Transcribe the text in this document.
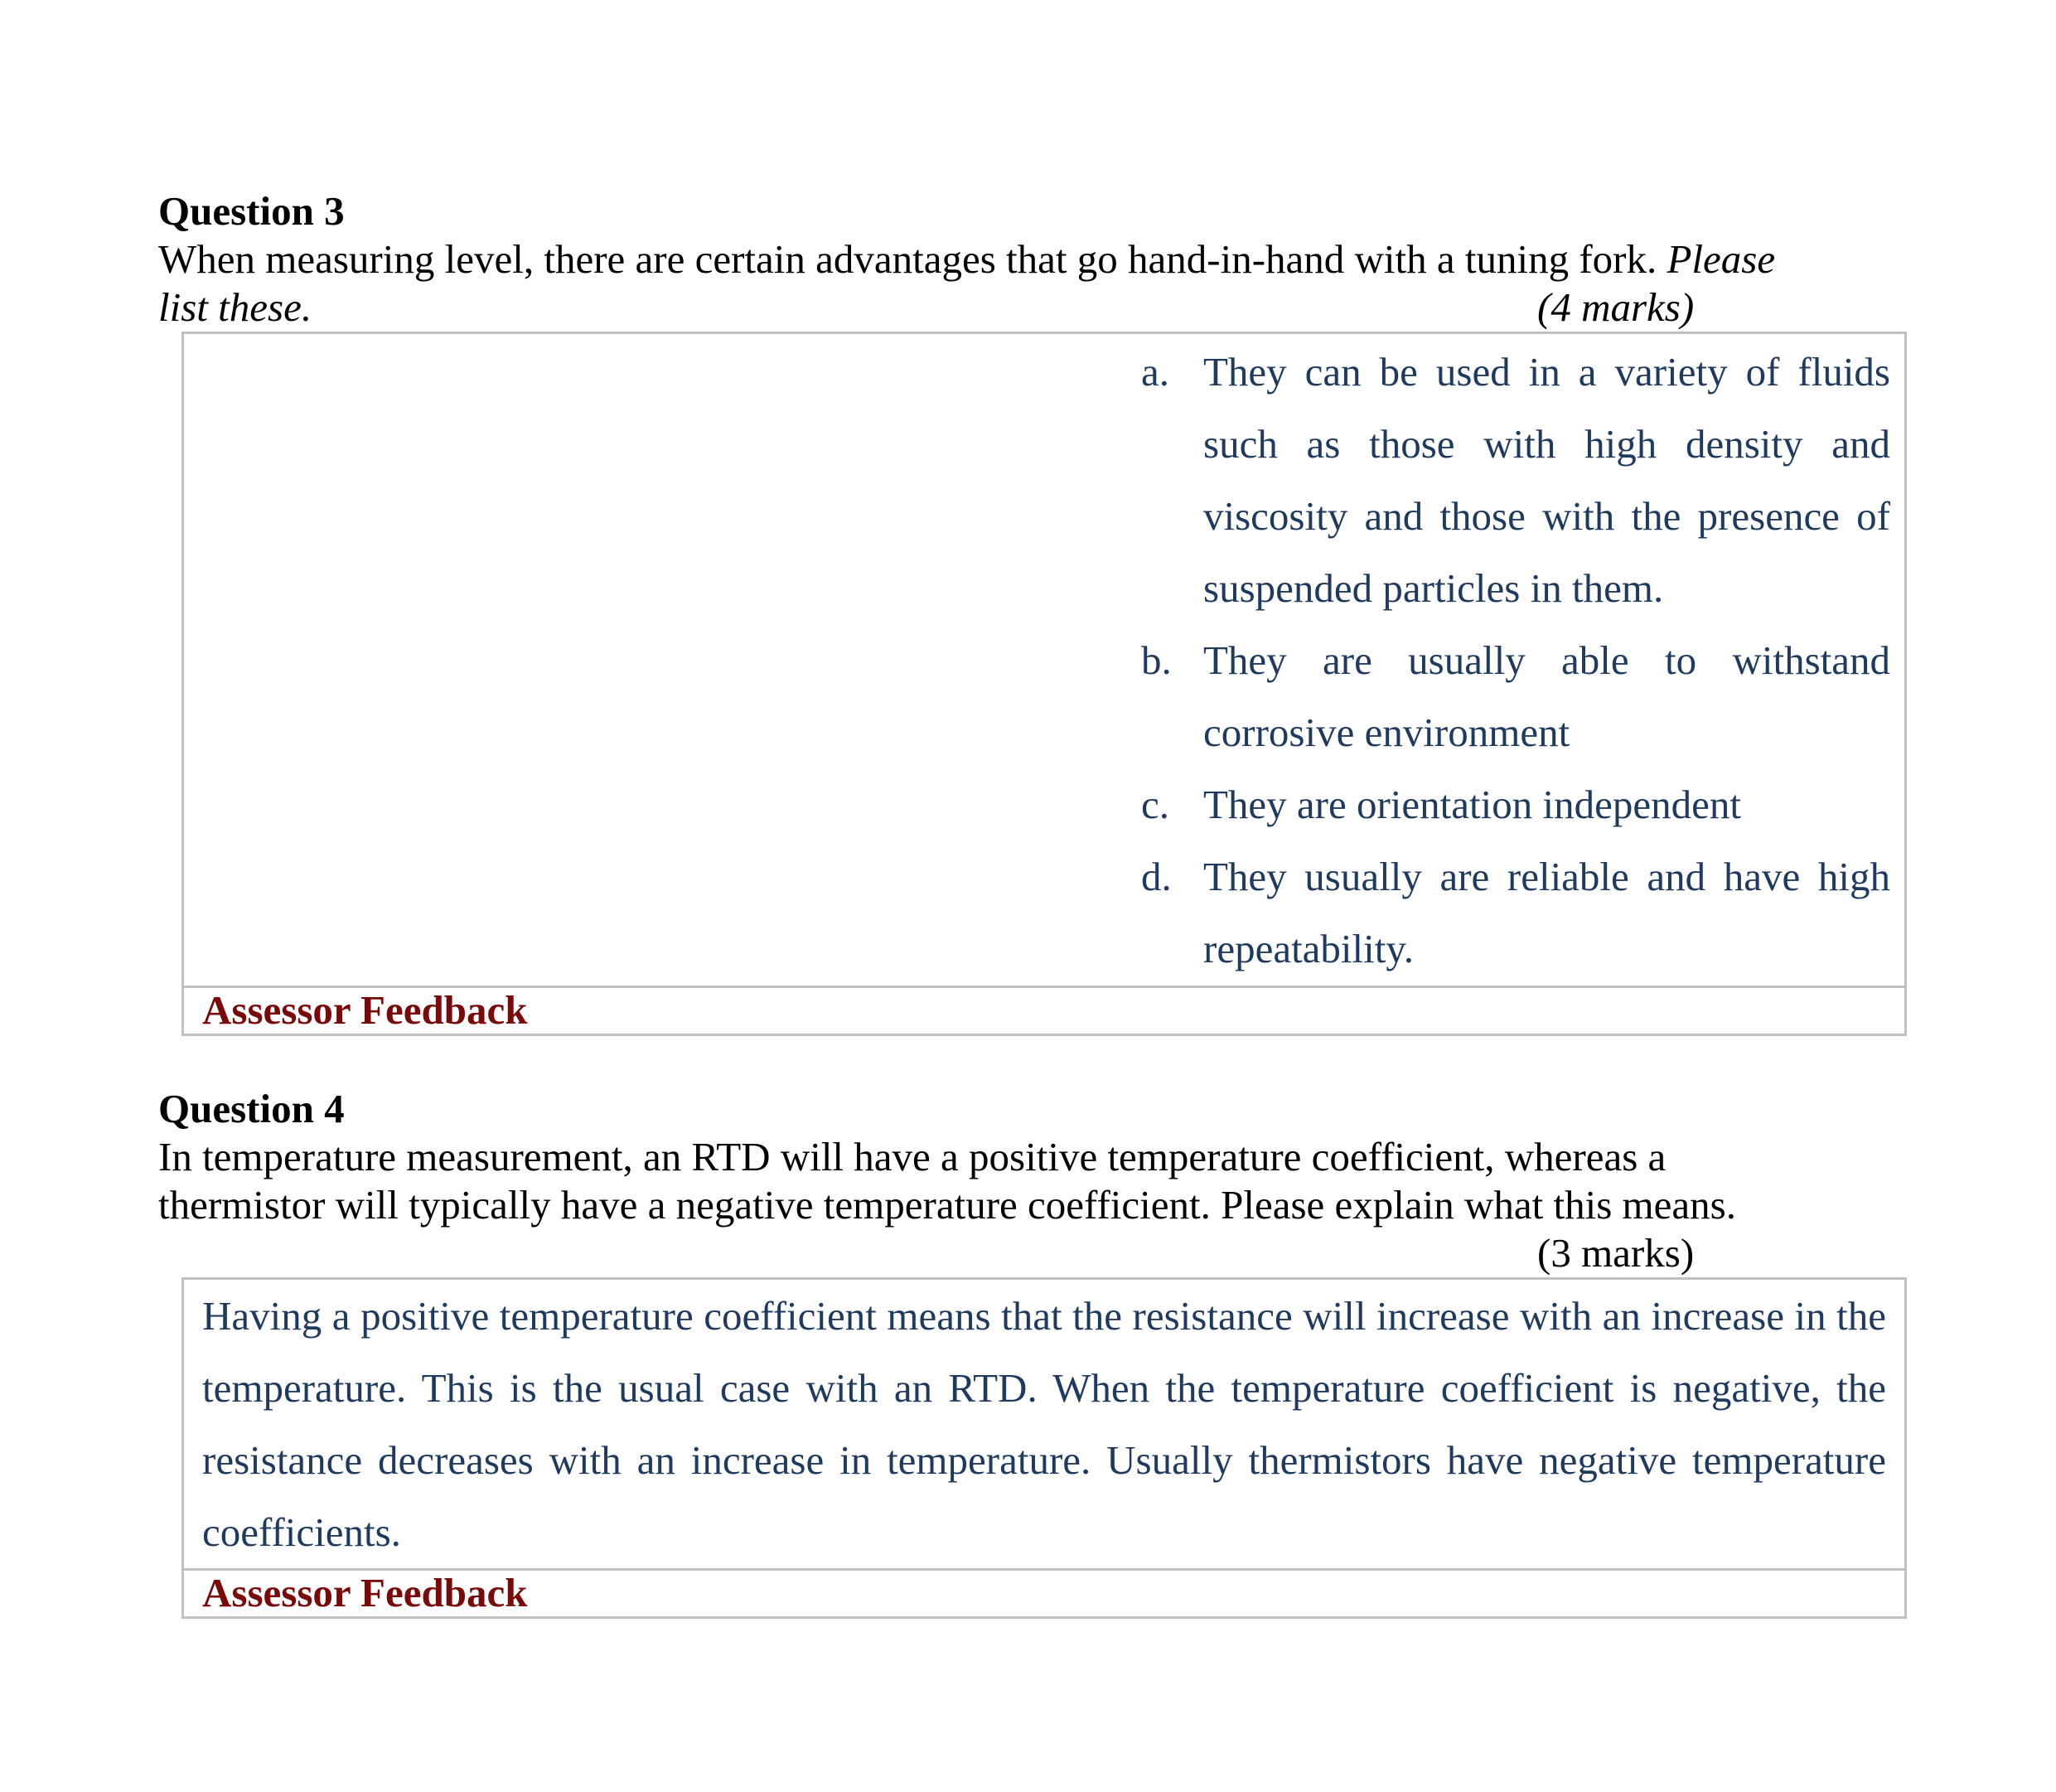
Question 3
When measuring level, there are certain advantages that go hand-in-hand with a tuning fork. Please
list these.	(4 marks)
a. They can be used in a variety of fluids such as those with high density and viscosity and those with the presence of suspended particles in them.
b. They are usually able to withstand corrosive environment
c. They are orientation independent
d. They usually are reliable and have high repeatability.
Assessor Feedback
Question 4
In temperature measurement, an RTD will have a positive temperature coefficient, whereas a
thermistor will typically have a negative temperature coefficient. Please explain what this means.
(3 marks)

Having a positive temperature coefficient means that the resistance will increase with an increase in the temperature. This is the usual case with an RTD. When the temperature coefficient is negative, the resistance decreases with an increase in temperature. Usually thermistors have negative temperature coefficients.

Assessor Feedback
